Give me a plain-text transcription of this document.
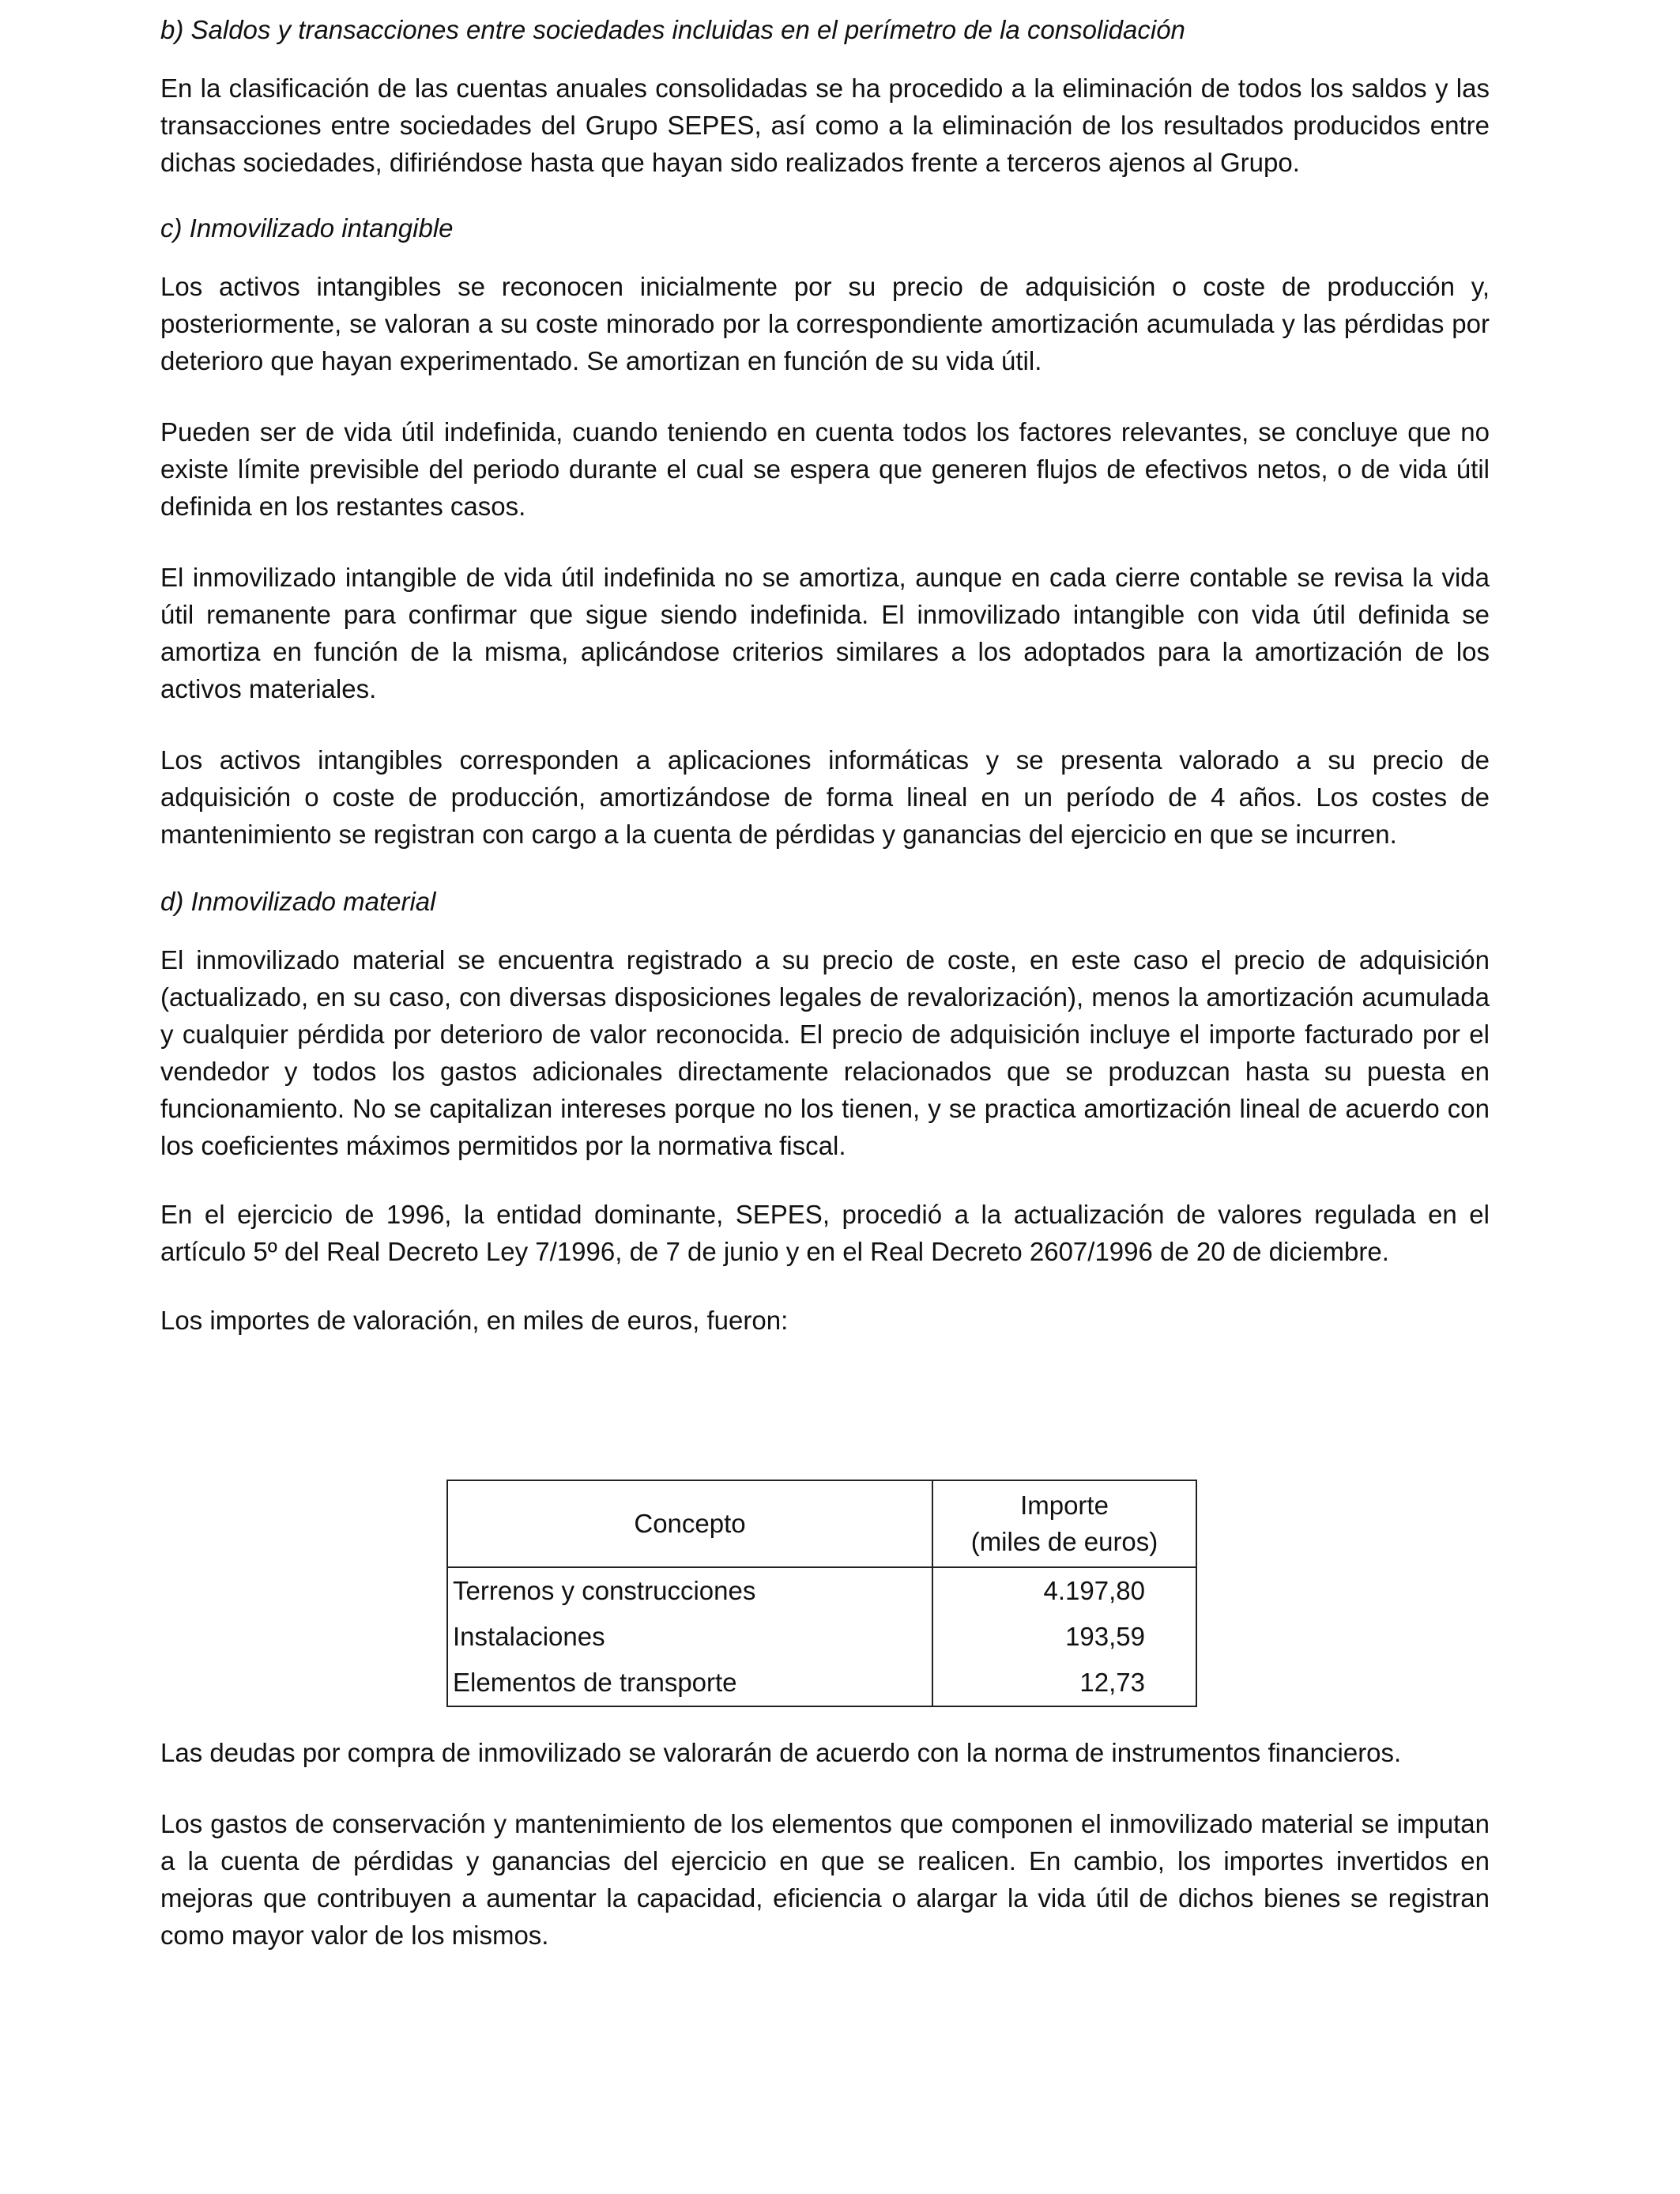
b) Saldos y transacciones entre sociedades incluidas en el perímetro de la consolidación

En la clasificación de las cuentas anuales consolidadas se ha procedido a la eliminación de todos los saldos y las transacciones entre sociedades del Grupo SEPES, así como a la eliminación de los resultados producidos entre dichas sociedades, difiriéndose hasta que hayan sido realizados frente a terceros ajenos al Grupo.

c) Inmovilizado intangible

Los activos intangibles se reconocen inicialmente por su precio de adquisición o coste de producción y, posteriormente, se valoran a su coste minorado por la correspondiente amortización acumulada y las pérdidas por deterioro que hayan experimentado. Se amortizan en función de su vida útil.

Pueden ser de vida útil indefinida, cuando teniendo en cuenta todos los factores relevantes, se concluye que no existe límite previsible del periodo durante el cual se espera que generen flujos de efectivos netos, o de vida útil definida en los restantes casos.

El inmovilizado intangible de vida útil indefinida no se amortiza, aunque en cada cierre contable se revisa la vida útil remanente para confirmar que sigue siendo indefinida. El inmovilizado intangible con vida útil definida se amortiza en función de la misma, aplicándose criterios similares a los adoptados para la amortización de los activos materiales.

Los activos intangibles corresponden a aplicaciones informáticas y se presenta valorado a su precio de adquisición o coste de producción, amortizándose de forma lineal en un período de 4 años. Los costes de mantenimiento se registran con cargo a la cuenta de pérdidas y ganancias del ejercicio en que se incurren.

d) Inmovilizado material

El inmovilizado material se encuentra registrado a su precio de coste, en este caso el precio de adquisición (actualizado, en su caso, con diversas disposiciones legales de revalorización), menos la amortización acumulada y cualquier pérdida por deterioro de valor reconocida. El precio de adquisición incluye el importe facturado por el vendedor y todos los gastos adicionales directamente relacionados que se produzcan hasta su puesta en funcionamiento. No se capitalizan intereses porque no los tienen, y se practica amortización lineal de acuerdo con los coeficientes máximos permitidos por la normativa fiscal.

En el ejercicio de 1996, la entidad dominante, SEPES, procedió a la actualización de valores regulada en el artículo 5º del Real Decreto Ley 7/1996, de 7 de junio y en el Real Decreto 2607/1996 de 20 de diciembre.

Los importes de valoración, en miles de euros, fueron:

Concepto	Importe
(miles de euros)

Terrenos y construcciones	4.197,80
Instalaciones	193,59
Elementos de transporte	12,73

Las deudas por compra de inmovilizado se valorarán de acuerdo con la norma de instrumentos financieros.

Los gastos de conservación y mantenimiento de los elementos que componen el inmovilizado material se imputan a la cuenta de pérdidas y ganancias del ejercicio en que se realicen. En cambio, los importes invertidos en mejoras que contribuyen a aumentar la capacidad, eficiencia o alargar la vida útil de dichos bienes se registran como mayor valor de los mismos.
